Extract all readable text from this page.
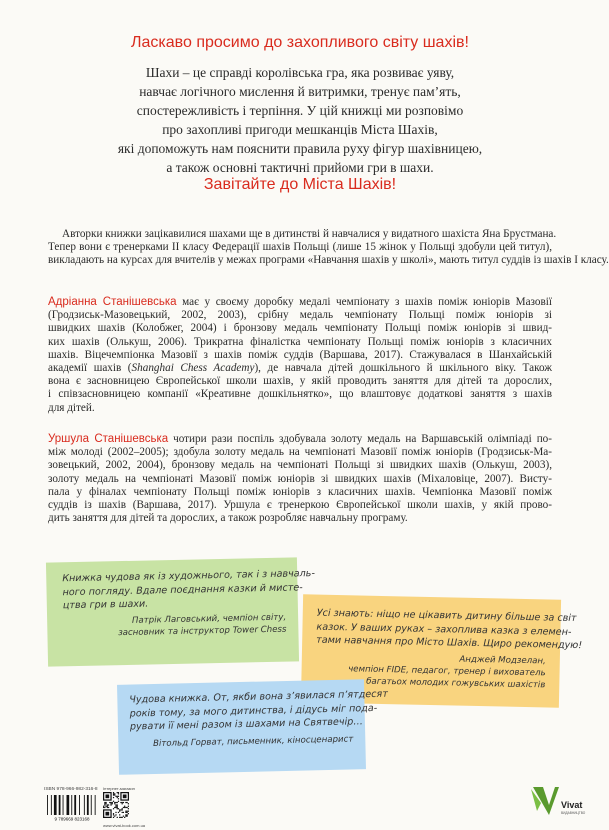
Ласкаво просимо до захопливого світу шахів!
Шахи – це справді королівська гра, яка розвиває уяву,
навчає логічного мислення й витримки, тренує пам’ять,
спостережливість і терпіння. У цій книжці ми розповімо
про захопливі пригоди мешканців Міста Шахів,
які допоможуть нам пояснити правила руху фігур шахівницею,
а також основні тактичні прийоми гри в шахи.
Завітайте до Міста Шахів!
Авторки книжки зацікавилися шахами ще в дитинстві й навчалися у видатного шахіста Яна Брустмана.
Тепер вони є тренерками II класу Федерації шахів Польщі (лише 15 жінок у Польщі здобули цей титул),
викладають на курсах для вчителів у межах програми «Навчання шахів у школі», мають титул суддів із шахів I класу.
Адріанна Станішевська має у своєму доробку медалі чемпіонату з шахів поміж юніорів Мазовії
(Гродзиськ-Мазовецький, 2002, 2003), срібну медаль чемпіонату Польщі поміж юніорів зі
швидких шахів (Колобжег, 2004) і бронзову медаль чемпіонату Польщі поміж юніорів зі швид-
ких шахів (Олькуш, 2006). Трикратна фіналістка чемпіонату Польщі поміж юніорів з класичних
шахів. Віцечемпіонка Мазовії з шахів поміж суддів (Варшава, 2017). Стажувалася в Шанхайській
академії шахів (Shanghai Chess Academy), де навчала дітей дошкільного й шкільного віку. Також
вона є засновницею Європейської школи шахів, у якій проводить заняття для дітей та дорослих,
і співзасновницею компанії «Креативне дошкільнятко», що влаштовує додаткові заняття з шахів
для дітей.
Уршула Станішевська чотири рази поспіль здобувала золоту медаль на Варшавській олімпіаді по-
між молоді (2002–2005); здобула золоту медаль на чемпіонаті Мазовії поміж юніорів (Гродзиськ-Ма-
зовецький, 2002, 2004), бронзову медаль на чемпіонаті Польщі зі швидких шахів (Олькуш, 2003),
золоту медаль на чемпіонаті Мазовії поміж юніорів зі швидких шахів (Міхаловіце, 2007). Висту-
пала у фіналах чемпіонату Польщі поміж юніорів з класичних шахів. Чемпіонка Мазовії поміж
суддів із шахів (Варшава, 2017). Уршула є тренеркою Європейської школи шахів, у якій прово-
дить заняття для дітей та дорослих, а також розробляє навчальну програму.
Книжка чудова як із художнього, так і з навчаль-
ного погляду. Вдале поєднання казки й мисте-
цтва гри в шахи.
Патрік Лаговський, чемпіон світу,
засновник та інструктор Tower Chess
Усі знають: ніщо не цікавить дитину більше за світ
казок. У ваших руках – захоплива казка з елемен-
тами навчання про Місто Шахів. Щиро рекомендую!
Анджей Модзелан,
чемпіон FIDE, педагог, тренер і вихователь
багатьох молодих гожувських шахістів
Чудова книжка. От, якби вона з’явилася п’ятдесят
років тому, за мого дитинства, і дідусь міг пода-
рувати її мені разом із шахами на Святвечір…
Вітольд Горват, письменник, кіносценарист
ISBN 978-966-982-316-8
9 789669 823168
Інтернет-магазин
www.vivat-book.com.ua
Vivat
ВИДАВНИЦТВО
